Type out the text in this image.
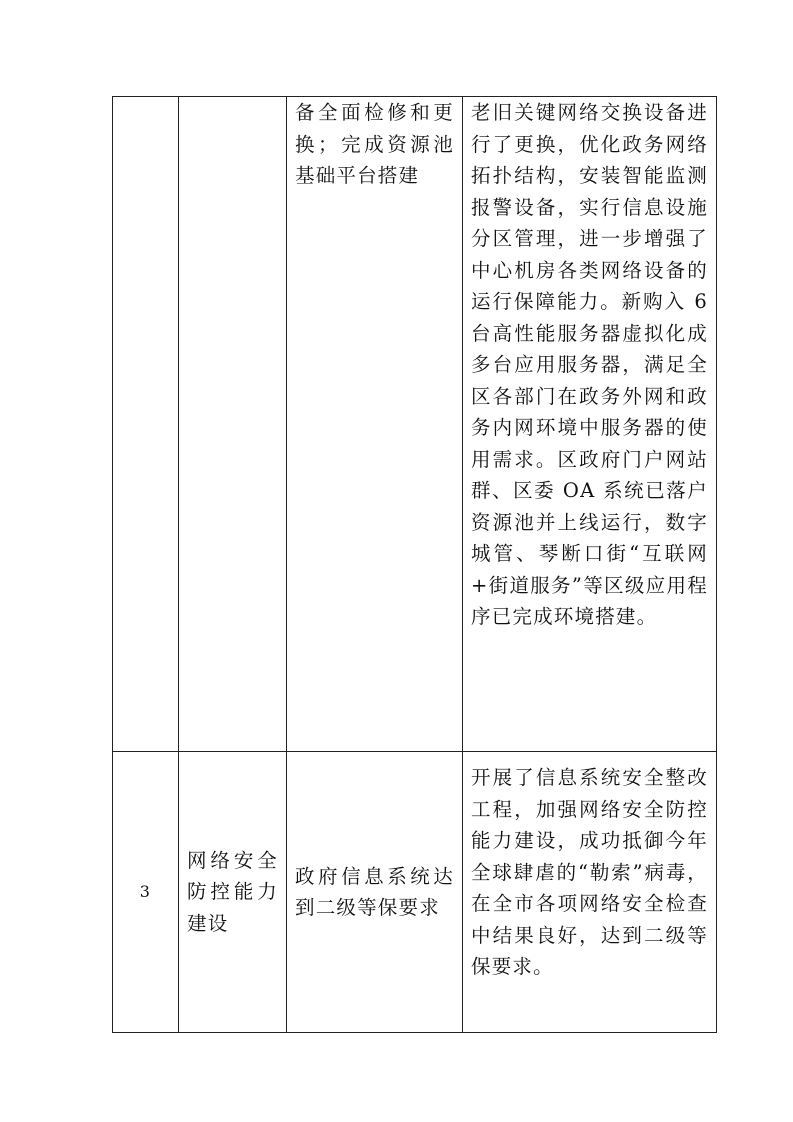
		备全面检修和更换；完成资源池基础平台搭建	老旧关键网络交换设备进行了更换，优化政务网络拓扑结构，安装智能监测报警设备，实行信息设施分区管理，进一步增强了中心机房各类网络设备的运行保障能力。新购入 6 台高性能服务器虚拟化成多台应用服务器，满足全区各部门在政务外网和政务内网环境中服务器的使用需求。区政府门户网站群、区委 OA 系统已落户资源池并上线运行，数字城管、琴断口街“互联网+街道服务”等区级应用程序已完成环境搭建。

3	网络安全防控能力建设	政府信息系统达到二级等保要求	开展了信息系统安全整改工程，加强网络安全防控能力建设，成功抵御今年全球肆虐的“勒索”病毒，在全市各项网络安全检查中结果良好，达到二级等保要求。
